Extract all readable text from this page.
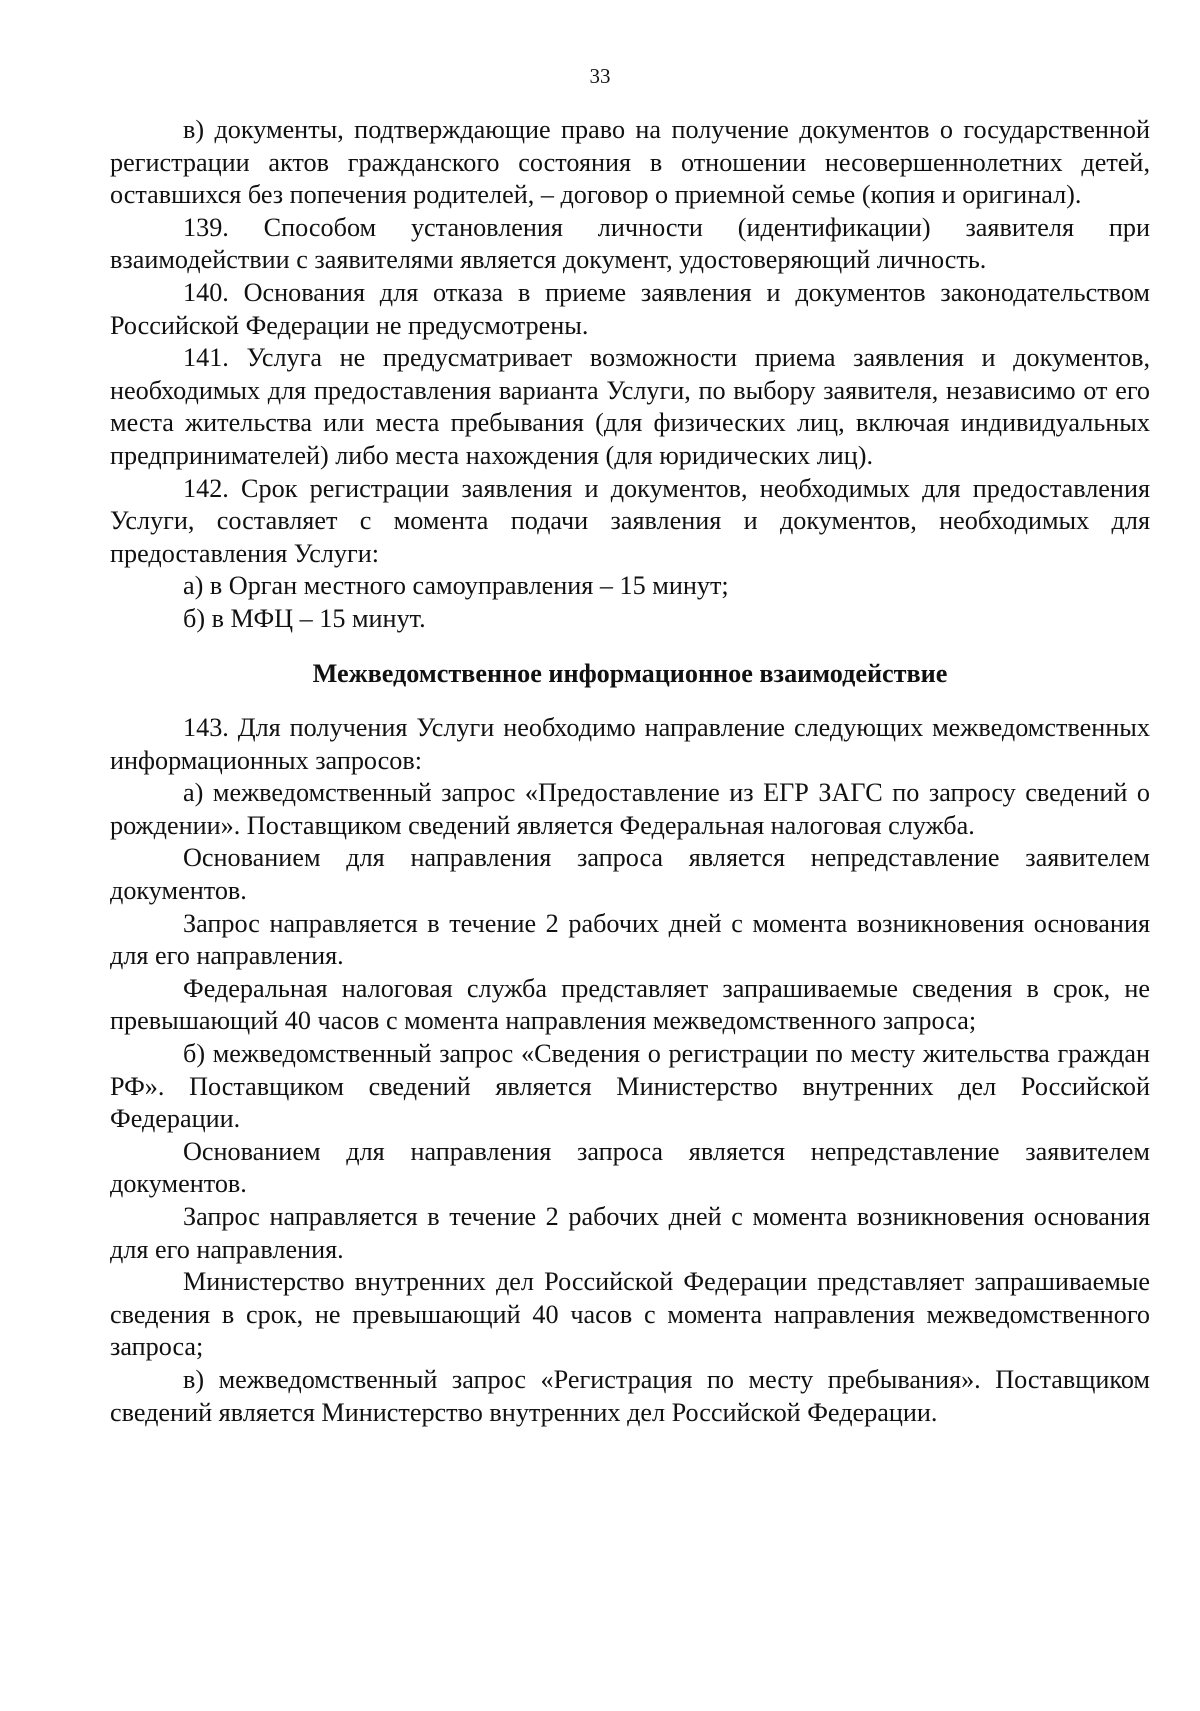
33

в) документы, подтверждающие право на получение документов о государственной регистрации актов гражданского состояния в отношении несовершеннолетних детей, оставшихся без попечения родителей, – договор о приемной семье (копия и оригинал).

139. Способом установления личности (идентификации) заявителя при взаимодействии с заявителями является документ, удостоверяющий личность.

140. Основания для отказа в приеме заявления и документов законодательством Российской Федерации не предусмотрены.

141. Услуга не предусматривает возможности приема заявления и документов, необходимых для предоставления варианта Услуги, по выбору заявителя, независимо от его места жительства или места пребывания (для физических лиц, включая индивидуальных предпринимателей) либо места нахождения (для юридических лиц).

142. Срок регистрации заявления и документов, необходимых для предоставления Услуги, составляет с момента подачи заявления и документов, необходимых для предоставления Услуги:

а) в Орган местного самоуправления – 15 минут;

б) в МФЦ – 15 минут.

Межведомственное информационное взаимодействие

143. Для получения Услуги необходимо направление следующих межведомственных информационных запросов:

а) межведомственный запрос «Предоставление из ЕГР ЗАГС по запросу сведений о рождении». Поставщиком сведений является Федеральная налоговая служба.

Основанием для направления запроса является непредставление заявителем документов.

Запрос направляется в течение 2 рабочих дней с момента возникновения основания для его направления.

Федеральная налоговая служба представляет запрашиваемые сведения в срок, не превышающий 40 часов с момента направления межведомственного запроса;

б) межведомственный запрос «Сведения о регистрации по месту жительства граждан РФ». Поставщиком сведений является Министерство внутренних дел Российской Федерации.

Основанием для направления запроса является непредставление заявителем документов.

Запрос направляется в течение 2 рабочих дней с момента возникновения основания для его направления.

Министерство внутренних дел Российской Федерации представляет запрашиваемые сведения в срок, не превышающий 40 часов с момента направления межведомственного запроса;

в) межведомственный запрос «Регистрация по месту пребывания». Поставщиком сведений является Министерство внутренних дел Российской Федерации.
